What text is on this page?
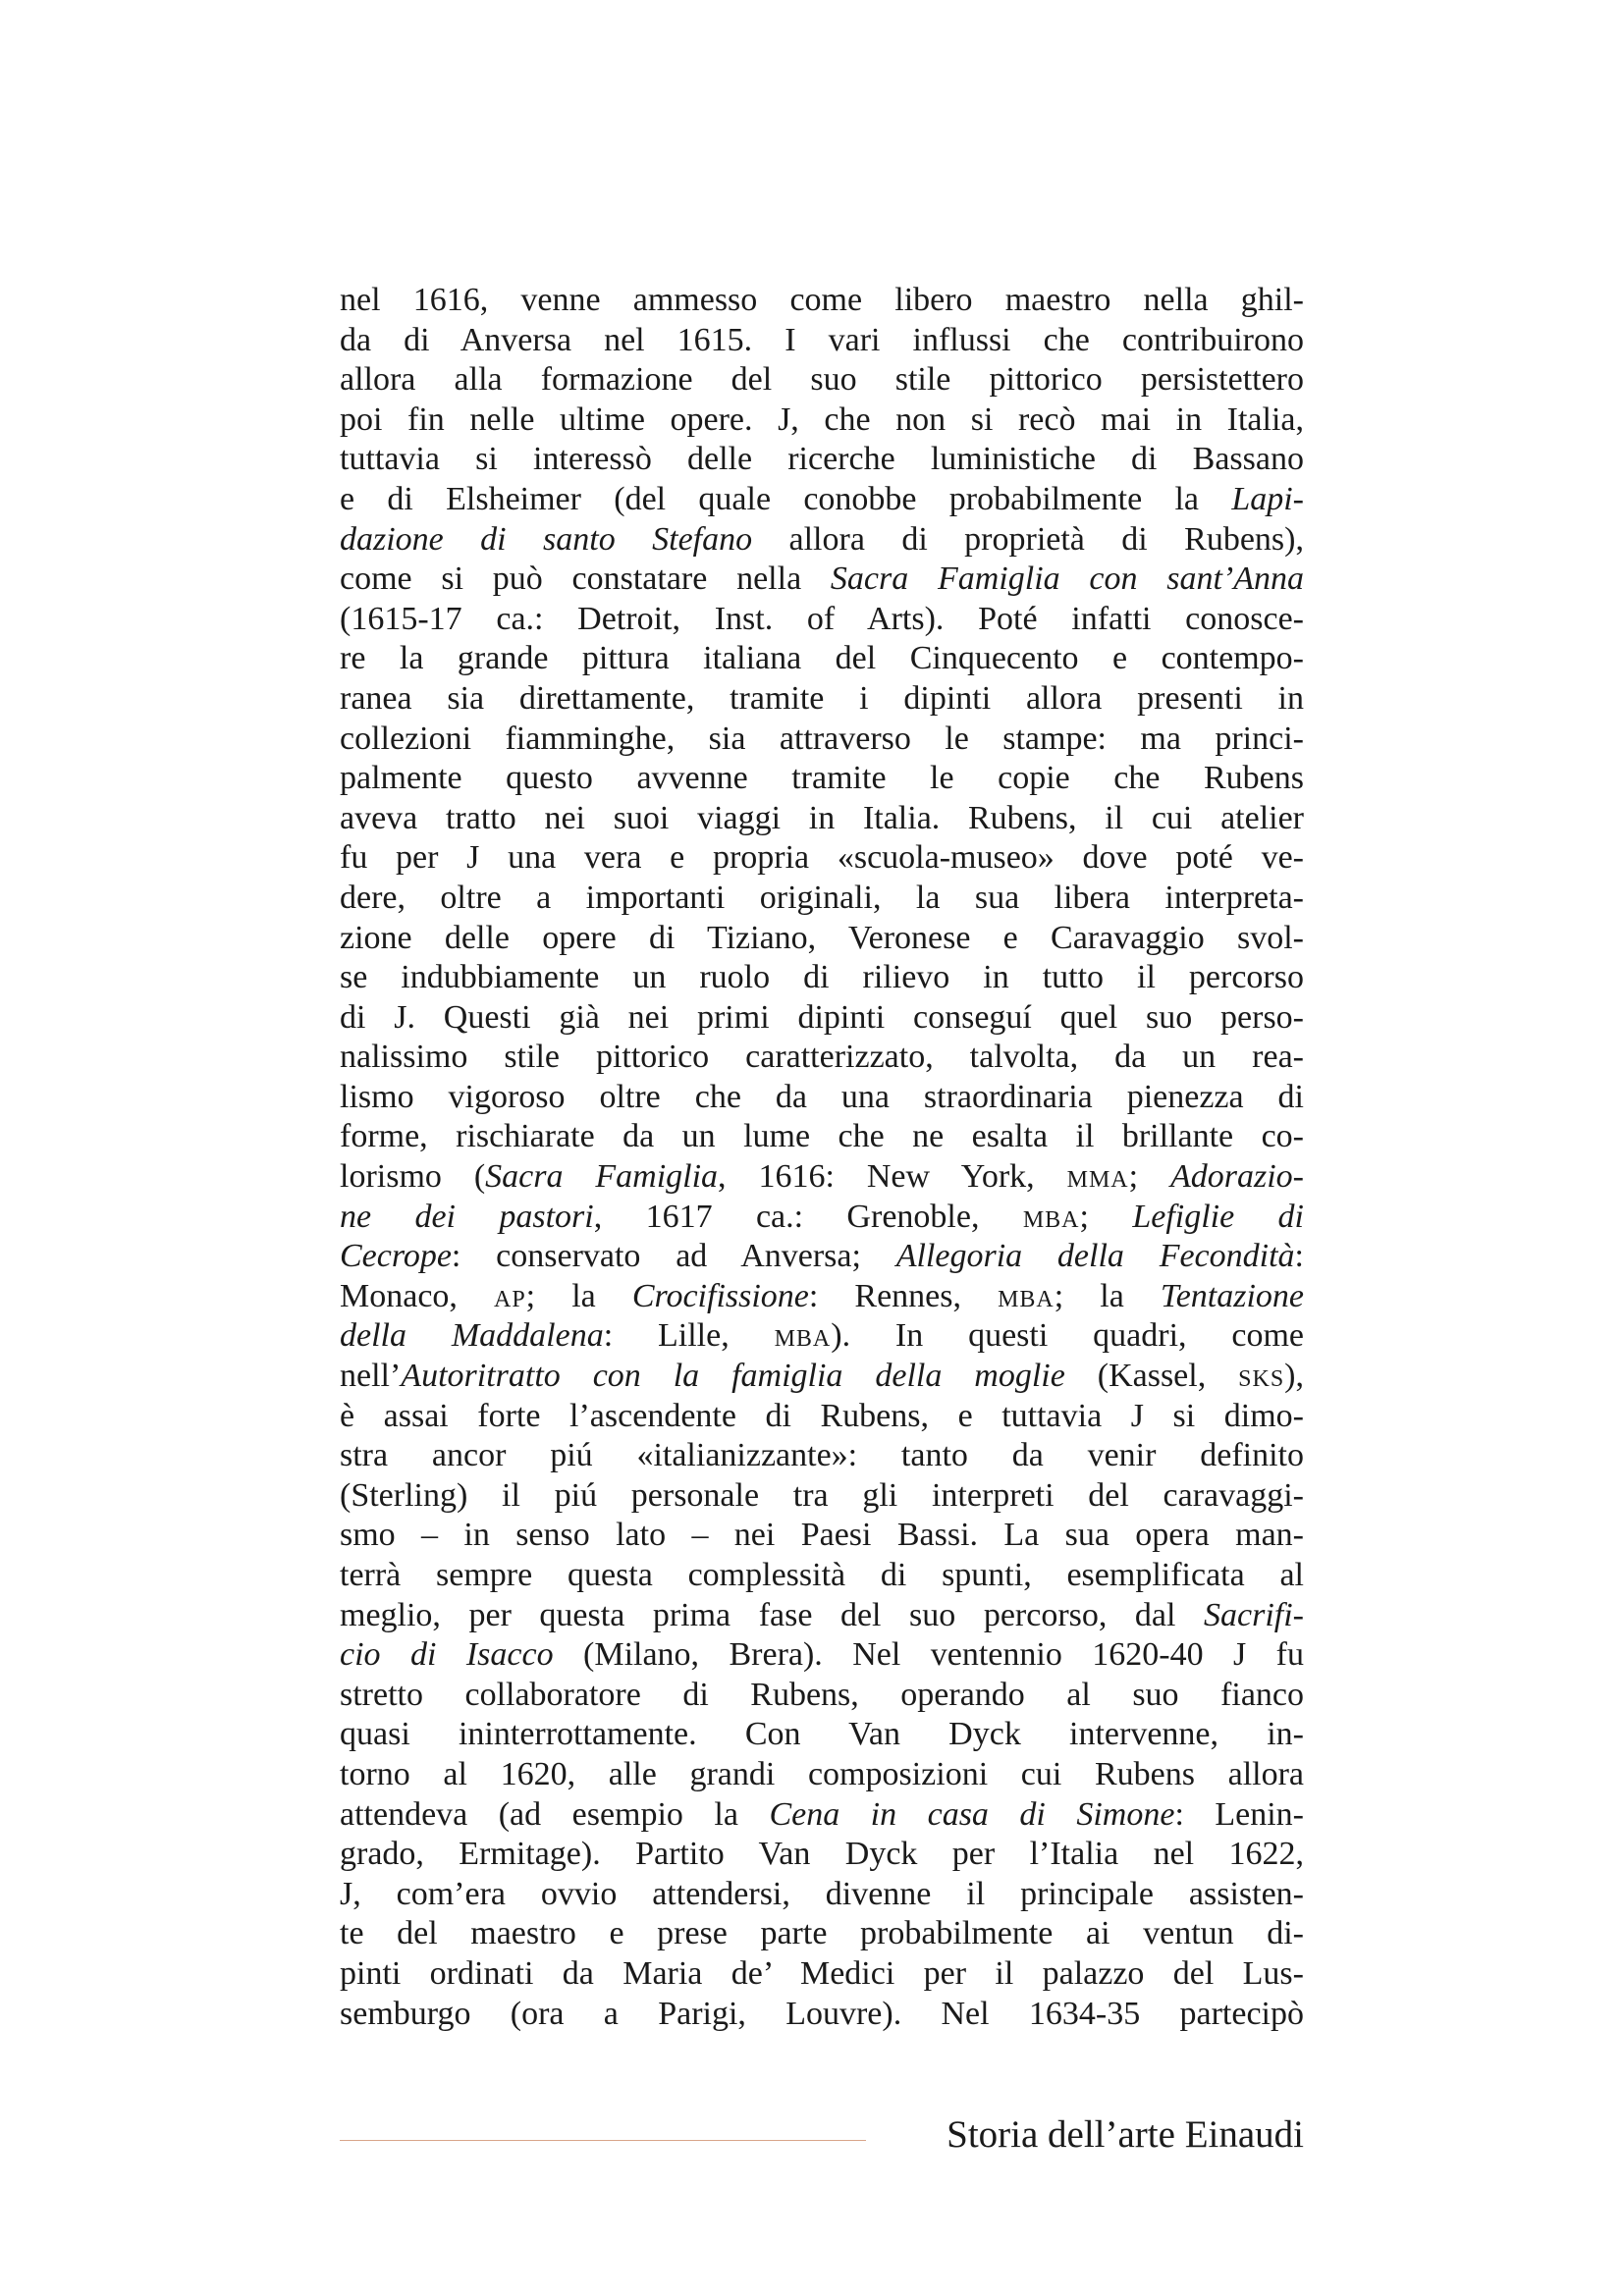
nel 1616, venne ammesso come libero maestro nella ghil-
da di Anversa nel 1615. I vari influssi che contribuirono
allora alla formazione del suo stile pittorico persistettero
poi fin nelle ultime opere. J, che non si recò mai in Italia,
tuttavia si interessò delle ricerche luministiche di Bassano
e di Elsheimer (del quale conobbe probabilmente la Lapi-
dazione di santo Stefano allora di proprietà di Rubens),
come si può constatare nella Sacra Famiglia con sant’Anna
(1615-17 ca.: Detroit, Inst. of Arts). Poté infatti conosce-
re la grande pittura italiana del Cinquecento e contempo-
ranea sia direttamente, tramite i dipinti allora presenti in
collezioni fiamminghe, sia attraverso le stampe: ma princi-
palmente questo avvenne tramite le copie che Rubens
aveva tratto nei suoi viaggi in Italia. Rubens, il cui atelier
fu per J una vera e propria «scuola-museo» dove poté ve-
dere, oltre a importanti originali, la sua libera interpreta-
zione delle opere di Tiziano, Veronese e Caravaggio svol-
se indubbiamente un ruolo di rilievo in tutto il percorso
di J. Questi già nei primi dipinti conseguí quel suo perso-
nalissimo stile pittorico caratterizzato, talvolta, da un rea-
lismo vigoroso oltre che da una straordinaria pienezza di
forme, rischiarate da un lume che ne esalta il brillante co-
lorismo (Sacra Famiglia, 1616: New York, mma; Adorazio-
ne dei pastori, 1617 ca.: Grenoble, mba; Lefiglie di
Cecrope: conservato ad Anversa; Allegoria della Fecondità:
Monaco, ap; la Crocifissione: Rennes, mba; la Tentazione
della Maddalena: Lille, mba). In questi quadri, come
nell’Autoritratto con la famiglia della moglie (Kassel, sks),
è assai forte l’ascendente di Rubens, e tuttavia J si dimo-
stra ancor piú «italianizzante»: tanto da venir definito
(Sterling) il piú personale tra gli interpreti del caravaggi-
smo – in senso lato – nei Paesi Bassi. La sua opera man-
terrà sempre questa complessità di spunti, esemplificata al
meglio, per questa prima fase del suo percorso, dal Sacrifi-
cio di Isacco (Milano, Brera). Nel ventennio 1620-40 J fu
stretto collaboratore di Rubens, operando al suo fianco
quasi ininterrottamente. Con Van Dyck intervenne, in-
torno al 1620, alle grandi composizioni cui Rubens allora
attendeva (ad esempio la Cena in casa di Simone: Lenin-
grado, Ermitage). Partito Van Dyck per l’Italia nel 1622,
J, com’era ovvio attendersi, divenne il principale assisten-
te del maestro e prese parte probabilmente ai ventun di-
pinti ordinati da Maria de’ Medici per il palazzo del Lus-
semburgo (ora a Parigi, Louvre). Nel 1634-35 partecipò
Storia dell’arte Einaudi
